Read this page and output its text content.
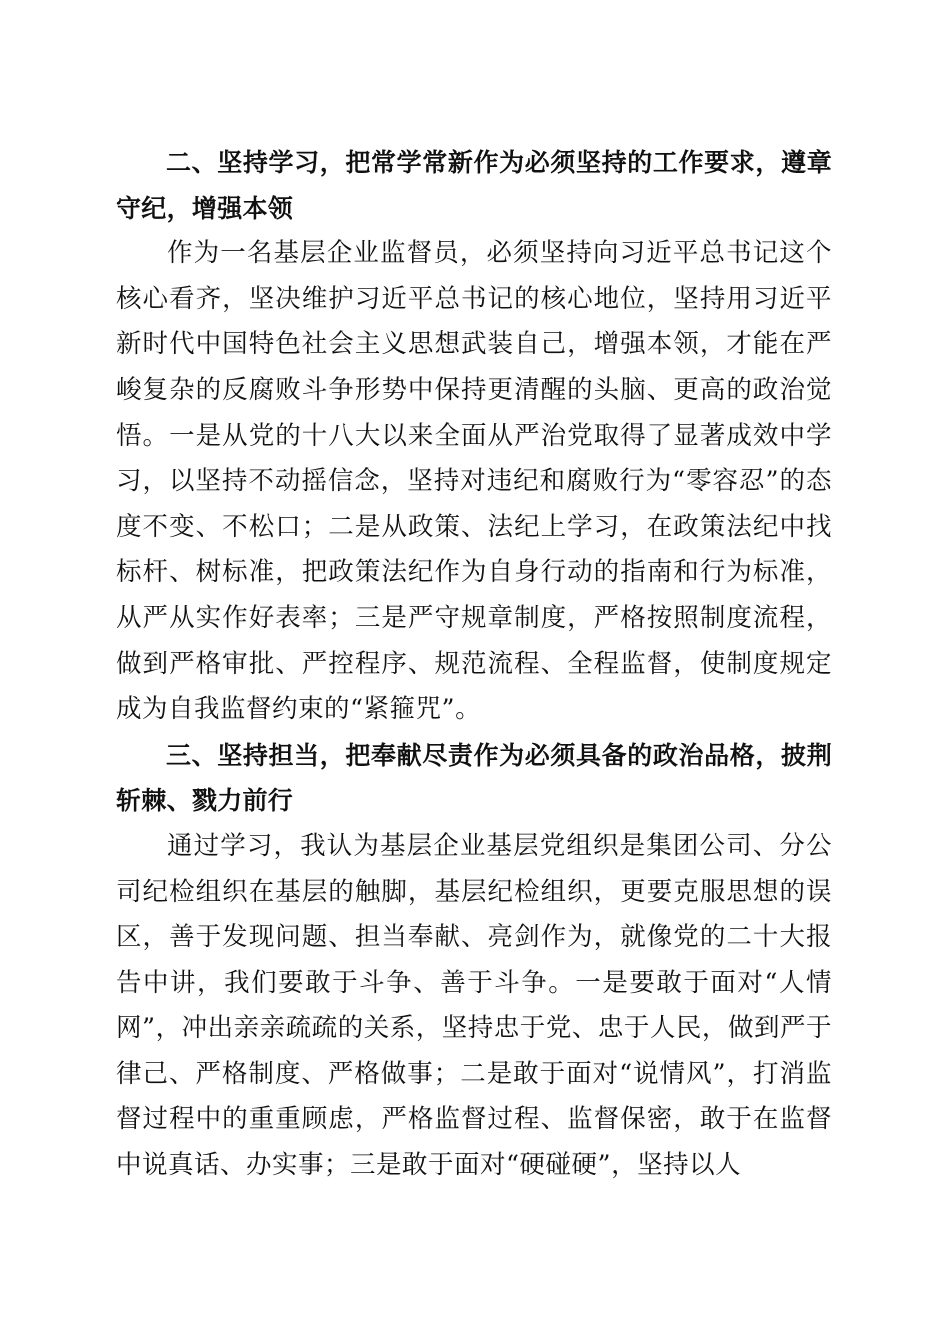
二、坚持学习，把常学常新作为必须坚持的工作要求，遵章守纪，增强本领

作为一名基层企业监督员，必须坚持向习近平总书记这个核心看齐，坚决维护习近平总书记的核心地位，坚持用习近平新时代中国特色社会主义思想武装自己，增强本领，才能在严峻复杂的反腐败斗争形势中保持更清醒的头脑、更高的政治觉悟。一是从党的十八大以来全面从严治党取得了显著成效中学习，以坚持不动摇信念，坚持对违纪和腐败行为“零容忍”的态度不变、不松口；二是从政策、法纪上学习，在政策法纪中找标杆、树标准，把政策法纪作为自身行动的指南和行为标准，从严从实作好表率；三是严守规章制度，严格按照制度流程，做到严格审批、严控程序、规范流程、全程监督，使制度规定成为自我监督约束的“紧箍咒”。

三、坚持担当，把奉献尽责作为必须具备的政治品格，披荆斩棘、戮力前行

通过学习，我认为基层企业基层党组织是集团公司、分公司纪检组织在基层的触脚，基层纪检组织，更要克服思想的误区，善于发现问题、担当奉献、亮剑作为，就像党的二十大报告中讲，我们要敢于斗争、善于斗争。一是要敢于面对“人情网”，冲出亲亲疏疏的关系，坚持忠于党、忠于人民，做到严于律己、严格制度、严格做事；二是敢于面对“说情风”，打消监督过程中的重重顾虑，严格监督过程、监督保密，敢于在监督中说真话、办实事；三是敢于面对“硬碰硬”，坚持以人
